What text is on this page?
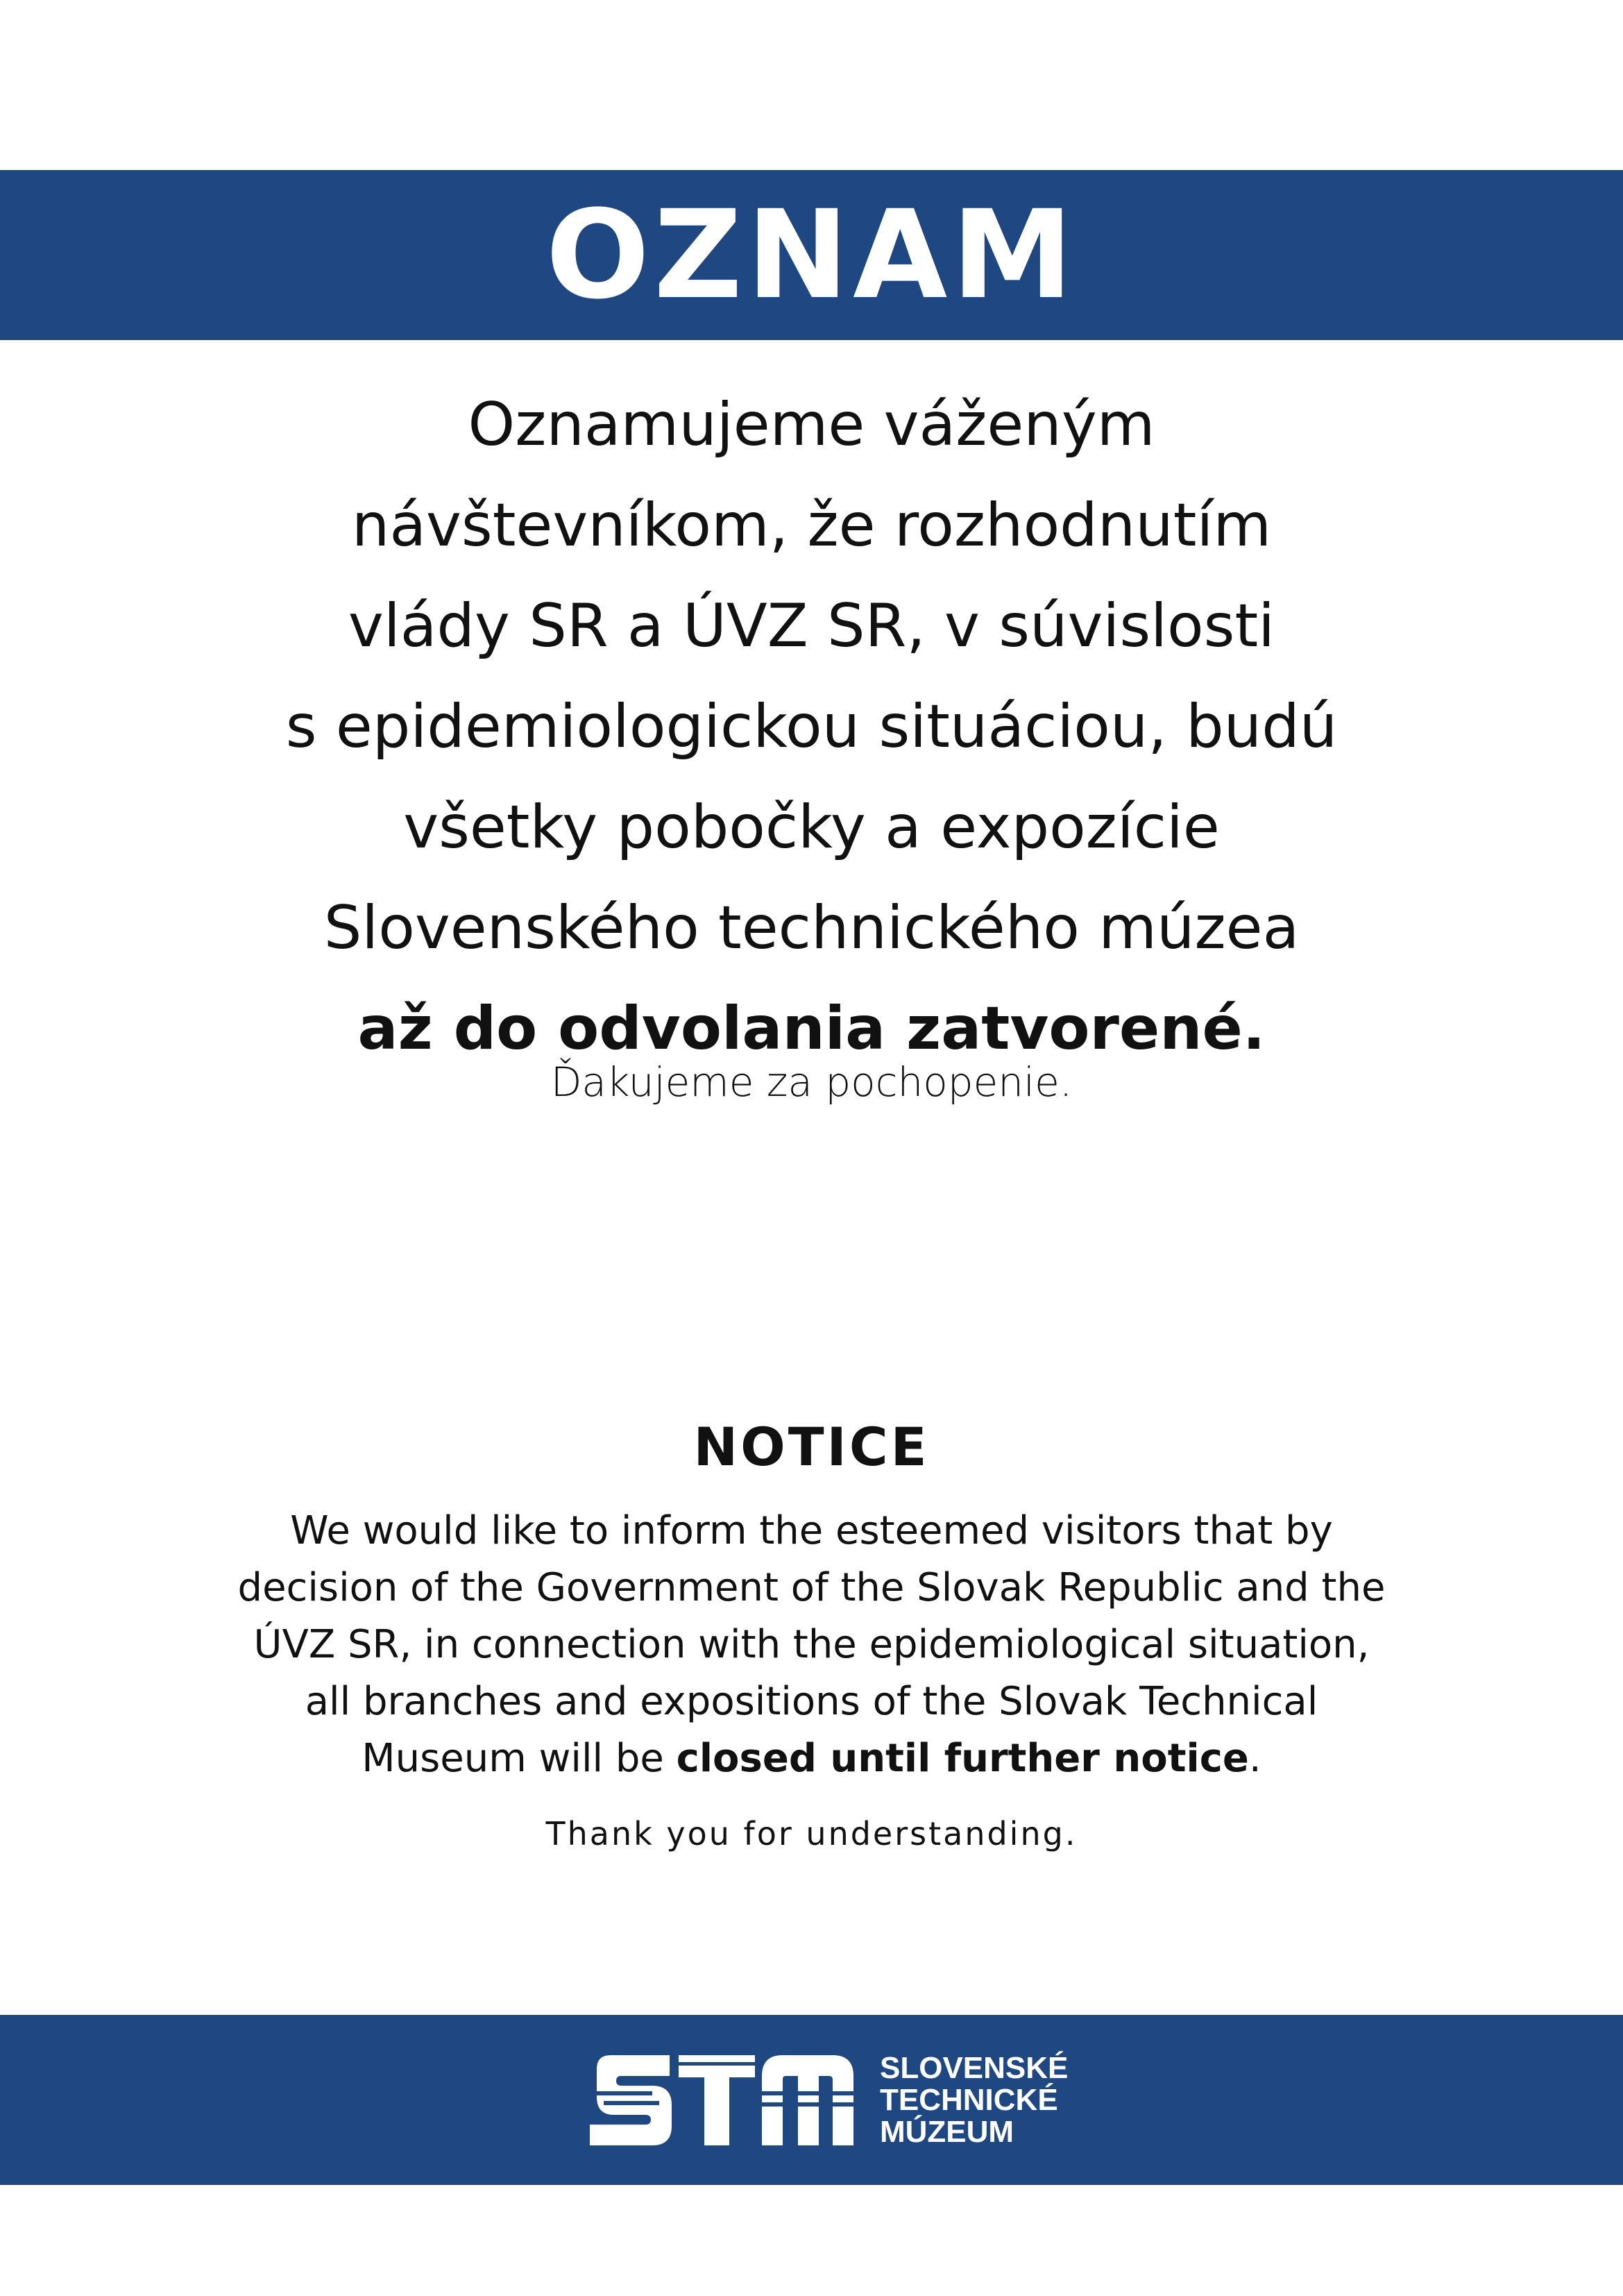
OZNAM
Oznamujeme váženým
návštevníkom, že rozhodnutím
vlády SR a ÚVZ SR, v súvislosti
s epidemiologickou situáciou, budú
všetky pobočky a expozície
Slovenského technického múzea
až do odvolania zatvorené.
Ďakujeme za pochopenie.
NOTICE
We would like to inform the esteemed visitors that by
decision of the Government of the Slovak Republic and the
ÚVZ SR, in connection with the epidemiological situation,
all branches and expositions of the Slovak Technical
Museum will be closed until further notice.
Thank you for understanding.
SLOVENSKÉ
TECHNICKÉ
MÚZEUM
